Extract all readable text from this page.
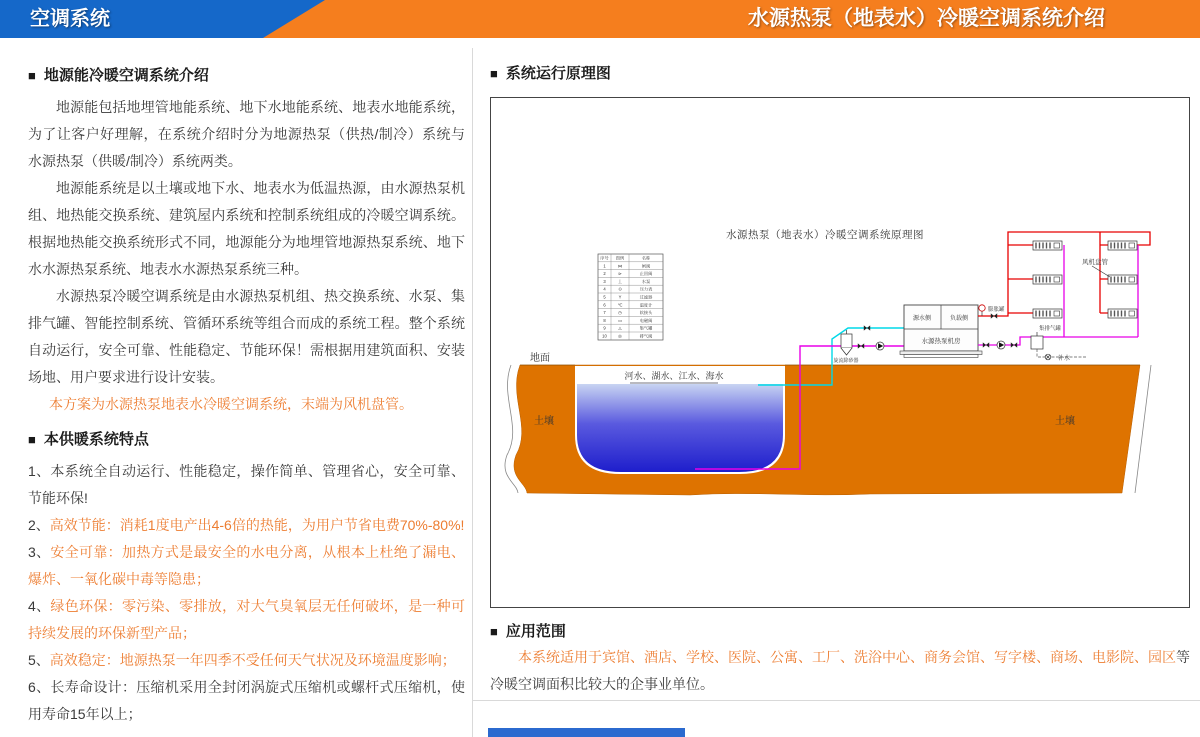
空调系统	水源热泵（地表水）冷暖空调系统介绍
■ 地源能冷暖空调系统介绍

地源能包括地埋管地能系统、地下水地能系统、地表水地能系统，为了让客户好理解，在系统介绍时分为地源热泵（供热/制冷）系统与水源热泵（供暖/制冷）系统两类。

地源能系统是以土壤或地下水、地表水为低温热源，由水源热泵机组、地热能交换系统、建筑屋内系统和控制系统组成的冷暖空调系统。 根据地热能交换系统形式不同，地源能分为地埋管地源热泵系统、地下水水源热泵系统、地表水水源热泵系统三种。

水源热泵冷暖空调系统是由水源热泵机组、热交换系统、水泵、集排气罐、智能控制系统、管循环系统等组合而成的系统工程。整个系统自动运行，安全可靠、性能稳定、节能环保！需根据用建筑面积、安装场地、用户要求进行设计安装。

本方案为水源热泵地表水冷暖空调系统，末端为风机盘管。

■ 本供暖系统特点

1、本系统全自动运行、性能稳定，操作简单、管理省心，安全可靠、节能环保!

2、高效节能：消耗1度电产出4-6倍的热能，为用户节省电费70%-80%!

3、安全可靠：加热方式是最安全的水电分离，从根本上杜绝了漏电、爆炸、一氧化碳中毒等隐患；

4、绿色环保：零污染、零排放，对大气臭氧层无任何破坏，是一种可持续发展的环保新型产品；

5、高效稳定：地源热泵一年四季不受任何天气状况及环境温度影响；

6、长寿命设计：压缩机采用全封闭涡旋式压缩机或螺杆式压缩机，使用寿命15年以上；

■ 系统运行原理图
水源热泵（地表水）冷暖空调系统原理图
旋流除砂器
源水侧	负载侧
水源热泵机房
膨胀罐
集排气罐
补水
风机盘管
序号 图例	名称
1	⋈	闸阀
2	⊳	止回阀
3	丄	水泵
4	⊙	压力表
5	Y	过滤器
6	℃	温度计
7	◷	软接头
8	▭	电磁阀
9	△	集气罐
10	◎	排气阀
地面
土壤	土壤
河水、湖水、江水、海水
■ 应用范围
本系统适用于宾馆、酒店、学校、医院、公寓、工厂、洗浴中心、商务会馆、写字楼、商场、电影院、园区等冷暖空调面积比较大的企事业单位。
